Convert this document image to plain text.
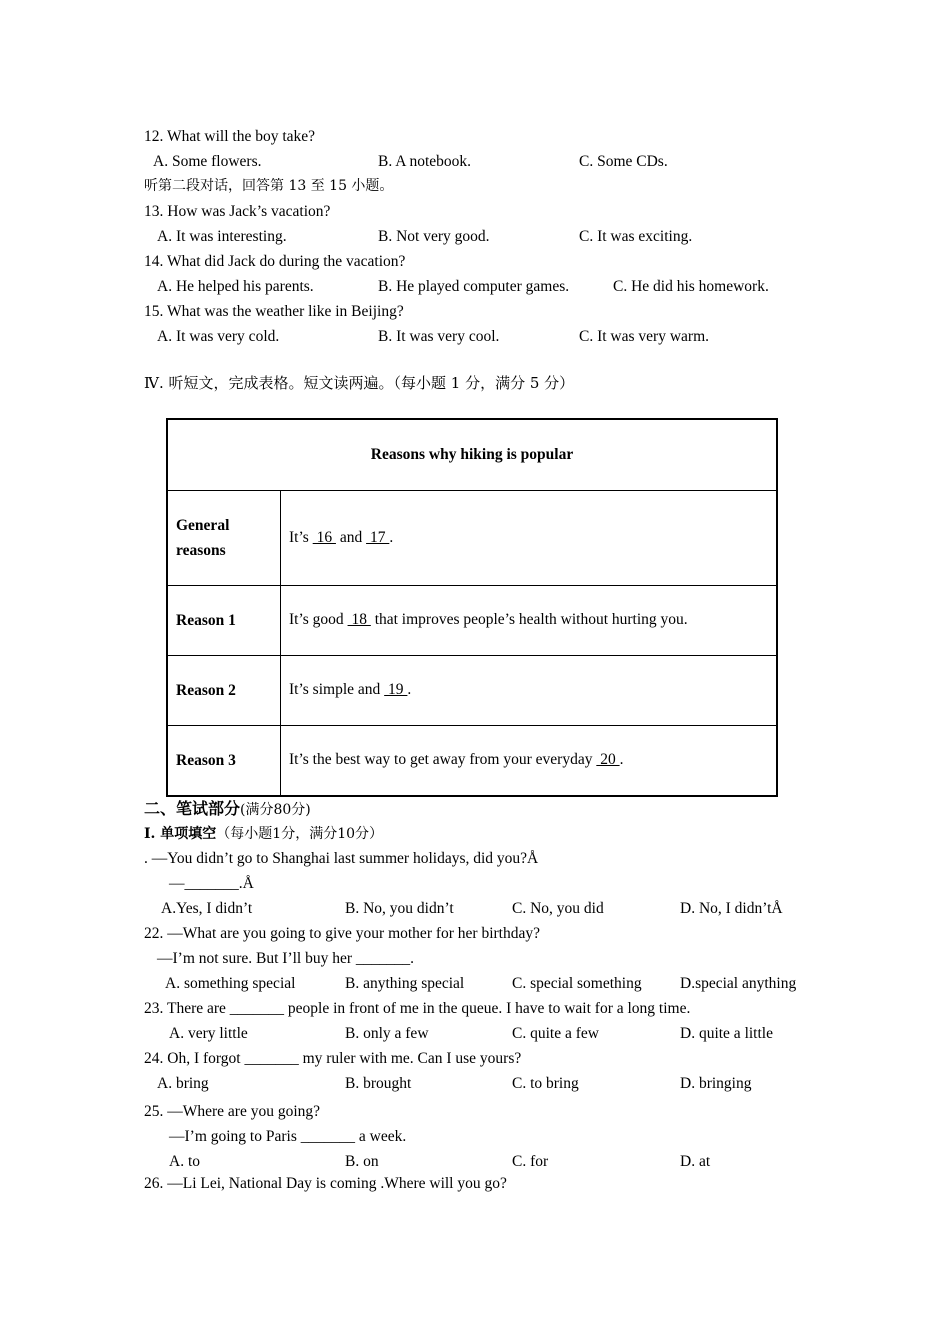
12. What will the boy take?
A. Some flowers.	B. A notebook.	C. Some CDs.
听第二段对话，回答第 13 至 15 小题。
13. How was Jack’s vacation?
A. It was interesting.	B. Not very good.	C. It was exciting.
14. What did Jack do during the vacation?
A. He helped his parents.	B. He played computer games.	C. He did his homework.
15. What was the weather like in Beijing?
A. It was very cold.	B. It was very cool.	C. It was very warm.
Ⅳ. 听短文，完成表格。短文读两遍。（每小题 1 分，满分 5 分）
Reasons why hiking is popular	
General reasons	It’s  16  and  17 .
Reason 1	It’s good  18  that improves people’s health without hurting you.
Reason 2	It’s simple and  19 .
Reason 3	It’s the best way to get away from your everyday  20 .
二、笔试部分(满分80分)
Ⅰ. 单项填空（每小题1分，满分10分）
. —You didn’t go to Shanghai last summer holidays, did you?Å
—_______.Å
A.Yes, I didn’t	B. No, you didn’t	C. No, you did	D. No, I didn’tÅ
22. —What are you going to give your mother for her birthday?
—I’m not sure. But I’ll buy her _______.
A. something special	B. anything special	C. special something D.special anything
23. There are _______ people in front of me in the queue. I have to wait for a long time.
A. very little	B. only a few	C. quite a few	D. quite a little
24. Oh, I forgot _______ my ruler with me. Can I use yours?
A. bring	B. brought	C. to bring	D. bringing
25. —Where are you going?
—I’m going to Paris _______ a week.
A. to	B. on	C. for	D. at
26. —Li Lei, National Day is coming .Where will you go?
